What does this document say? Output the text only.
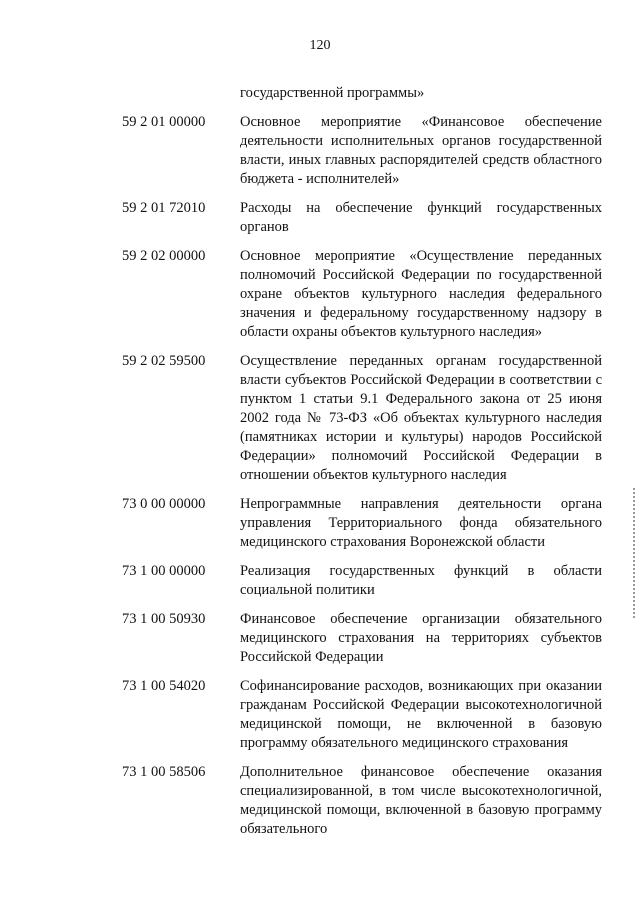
120
государственной программы»
59 2 01 00000	Основное мероприятие «Финансовое обеспечение деятельности исполнительных органов государственной власти, иных главных распорядителей средств областного бюджета - исполнителей»
59 2 01 72010	Расходы на обеспечение функций государственных органов
59 2 02 00000	Основное мероприятие «Осуществление переданных полномочий Российской Федерации по государственной охране объектов культурного наследия федерального значения и федеральному государственному надзору в области охраны объектов культурного наследия»
59 2 02 59500	Осуществление переданных органам государственной власти субъектов Российской Федерации в соответствии с пунктом 1 статьи 9.1 Федерального закона от 25 июня 2002 года № 73-ФЗ «Об объектах культурного наследия (памятниках истории и культуры) народов Российской Федерации» полномочий Российской Федерации в отношении объектов культурного наследия
73 0 00 00000	Непрограммные направления деятельности органа управления Территориального фонда обязательного медицинского страхования Воронежской области
73 1 00 00000	Реализация государственных функций в области социальной политики
73 1 00 50930	Финансовое обеспечение организации обязательного медицинского страхования на территориях субъектов Российской Федерации
73 1 00 54020	Софинансирование расходов, возникающих при оказании гражданам Российской Федерации высокотехнологичной медицинской помощи, не включенной в базовую программу обязательного медицинского страхования
73 1 00 58506	Дополнительное финансовое обеспечение оказания специализированной, в том числе высокотехнологичной, медицинской помощи, включенной в базовую программу обязательного
